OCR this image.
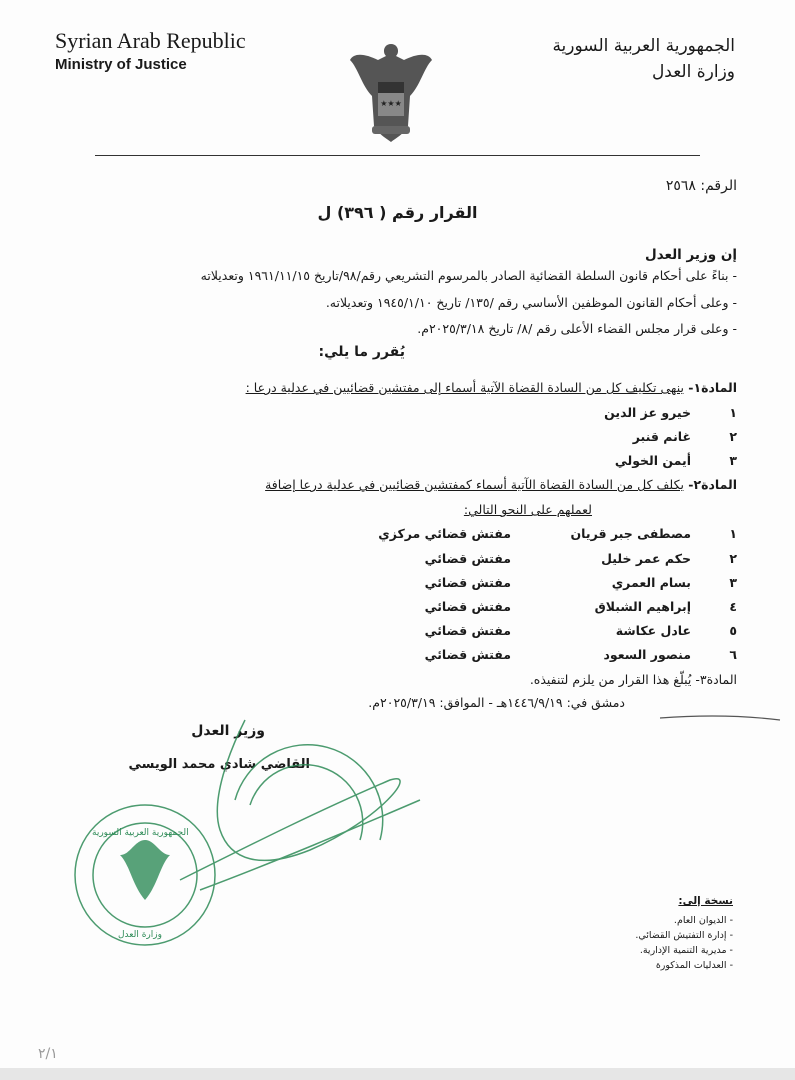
Syrian Arab Republic
Ministry of Justice
الجمهورية العربية السورية
وزارة العدل
★★★
الرقم: ٢٥٦٨
القرار رقم ( ٣٩٦) ل
إن وزير العدل
- بناءً على أحكام قانون السلطة القضائية الصادر بالمرسوم التشريعي رقم/٩٨/تاريخ ١٩٦١/١١/١٥ وتعديلاته
- وعلى أحكام القانون الموظفين الأساسي رقم /١٣٥/ تاريخ ١٩٤٥/١/١٠ وتعديلاته.
- وعلى قرار مجلس القضاء الأعلى رقم /٨/ تاريخ ٢٠٢٥/٣/١٨م.
يُقرر ما يلي:
المادة١- ينهى تكليف كل من السادة القضاة الآتية أسماء إلى مفتشين قضائيين في عدلية درعا :
١
خيرو عز الدين
٢
غانم قنبر
٣
أيمن الخولي
المادة٢- يكلف كل من السادة القضاة الآتية أسماء كمفتشين قضائيين في عدلية درعا إضافة
لعملهم على النحو التالي:
١
مصطفى جبر قريان
مفتش قضائي مركزي
٢
حكم عمر خليل
مفتش قضائي
٣
بسام العمري
مفتش قضائي
٤
إبراهيم الشبلاق
مفتش قضائي
٥
عادل عكاشة
مفتش قضائي
٦
منصور السعود
مفتش قضائي
المادة٣- يُبلّغ هذا القرار من يلزم لتنفيذه.
دمشق في: ١٤٤٦/٩/١٩هـ - الموافق: ٢٠٢٥/٣/١٩م.
وزير العدل
القاضي شادي محمد الويسي
الجمهورية العربية السورية
وزارة العدل
نسخة إلى:
- الديوان العام.
- إدارة التفتيش القضائي.
- مديرية التنمية الإدارية.
- العدليات المذكورة
٢/١
